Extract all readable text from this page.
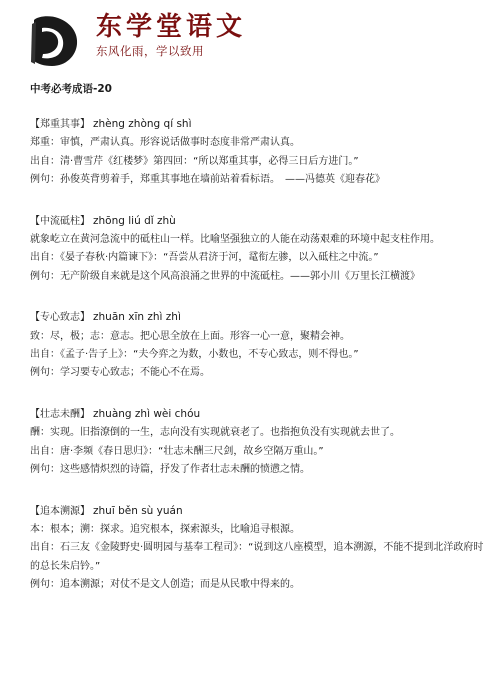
东学堂语文
东风化雨，学以致用
中考必考成语-20

【郑重其事】 zhèng zhòng qí shì

郑重：审慎，严肃认真。形容说话做事时态度非常严肃认真。

出自：清·曹雪芹《红楼梦》第四回：“所以郑重其事，必得三日后方进门。”

例句：孙俊英背剪着手，郑重其事地在墙前站着看标语。　——冯德英《迎春花》

【中流砥柱】 zhōng liú dǐ zhù

就象屹立在黄河急流中的砥柱山一样。比喻坚强独立的人能在动荡艰难的环境中起支柱作用。

出自：《晏子春秋·内篇谏下》：“吾尝从君济于河，鼋衔左骖，以入砥柱之中流。”

例句：无产阶级自来就是这个风高浪涌之世界的中流砥柱。——郭小川《万里长江横渡》

【专心致志】 zhuān xīn zhì zhì

致：尽，极；志：意志。把心思全放在上面。形容一心一意，聚精会神。

出自：《孟子·告子上》：“夫今弈之为数，小数也，不专心致志，则不得也。”

例句：学习要专心致志；不能心不在焉。

【壮志未酬】 zhuàng zhì wèi chóu

酬：实现。旧指潦倒的一生，志向没有实现就衰老了。也指抱负没有实现就去世了。

出自：唐·李频《春日思归》：“壮志未酬三尺剑，故乡空隔万重山。”

例句：这些感情炽烈的诗篇，抒发了作者壮志未酬的愤懑之情。

【追本溯源】 zhuī běn sù yuán

本：根本；溯：探求。追究根本，探索源头，比喻追寻根源。

出自：石三友《金陵野史·圆明园与基奉工程司》：“说到这八座模型，追本溯源，不能不提到北洋政府时的总长朱启钤。”

例句：追本溯源；对仗不是文人创造；而是从民歌中得来的。
